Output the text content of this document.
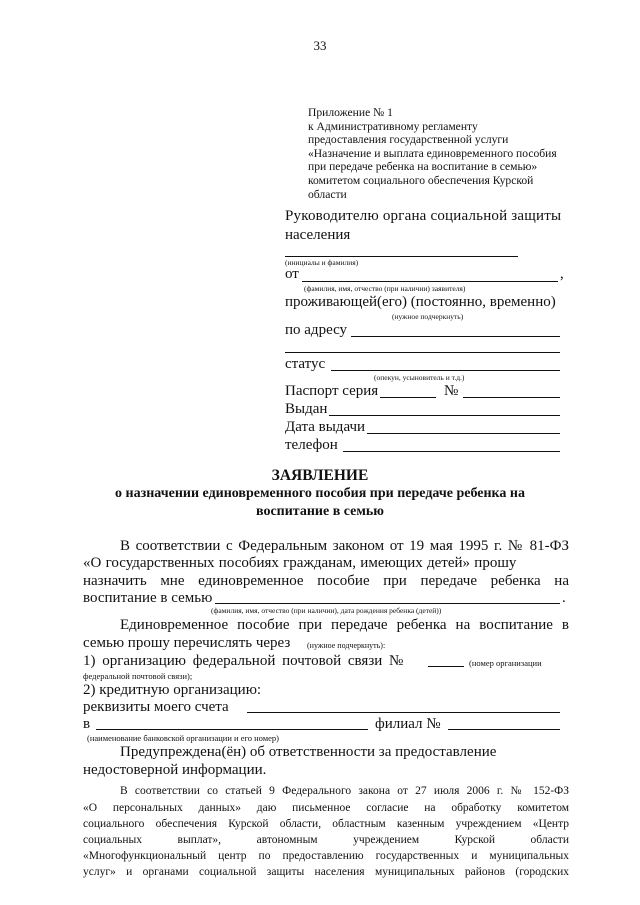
33
Приложение № 1
к Административному регламенту
предоставления государственной услуги
«Назначение и выплата единовременного пособия
при передаче ребенка на воспитание в семью»
комитетом социального обеспечения Курской
области
Руководителю органа социальной защиты
населения
(инициалы и фамилия)
от	,
(фамилия, имя, отчество (при наличии) заявителя)
проживающей(его) (постоянно, временно)
(нужное подчеркнуть)
по адресу
статус
(опекун, усыновитель и т.д.)
Паспорт серия	№
Выдан
Дата выдачи
телефон
ЗАЯВЛЕНИЕ
о назначении единовременного пособия при передаче ребенка на
воспитание в семью
В соответствии с Федеральным законом от 19 мая 1995 г. № 81-ФЗ
«О государственных пособиях гражданам, имеющих детей» прошу
назначить мне единовременное пособие при передаче ребенка на
воспитание в семью	.
(фамилия, имя, отчество (при наличии), дата рождения ребенка (детей))
Единовременное пособие при передаче ребенка на воспитание в
семью прошу перечислять через (нужное подчеркнуть):
1) организацию федеральной почтовой связи №	(номер организации
федеральной почтовой связи);
2) кредитную организацию:
реквизиты моего счета
в	филиал №
(наименование банковской организации и его номер)
Предупреждена(ён) об ответственности за предоставление
недостоверной информации.
В соответствии со статьей 9 Федерального закона от 27 июля 2006 г. № 152-ФЗ
«О персональных данных» даю письменное согласие на обработку комитетом
социального обеспечения Курской области, областным казенным учреждением «Центр
социальных выплат», автономным учреждением Курской области
«Многофункциональный центр по предоставлению государственных и муниципальных
услуг» и органами социальной защиты населения муниципальных районов (городских
